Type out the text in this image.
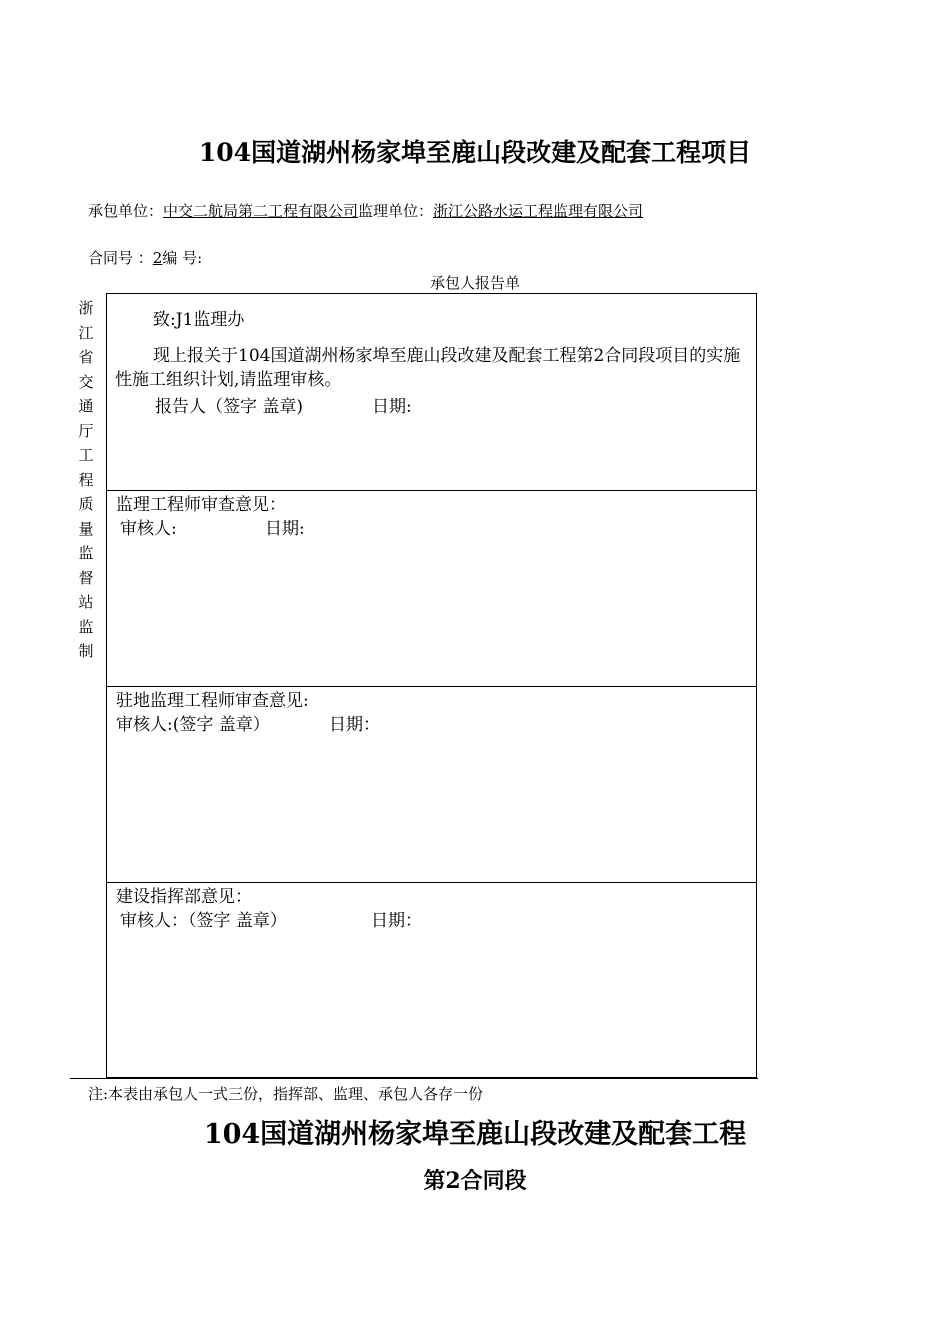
104国道湖州杨家埠至鹿山段改建及配套工程项目
承包单位：中交二航局第二工程有限公司监理单位：浙江公路水运工程监理有限公司
合同号 ：2编 号:
承包人报告单
浙
江
省
交
通
厅
工
程
质
量
监
督
站
监
制
致:J1监理办
现上报关于104国道湖州杨家埠至鹿山段改建及配套工程第2合同段项目的实施性施工组织计划,请监理审核。
报告人（签字 盖章)	日期:
监理工程师审查意见：
审核人:	日期:
驻地监理工程师审查意见:
审核人:(签字 盖章）	日期：
建设指挥部意见：
审核人：（签字 盖章）	日期：
注:本表由承包人一式三份，指挥部、监理、承包人各存一份
104国道湖州杨家埠至鹿山段改建及配套工程
第2合同段
